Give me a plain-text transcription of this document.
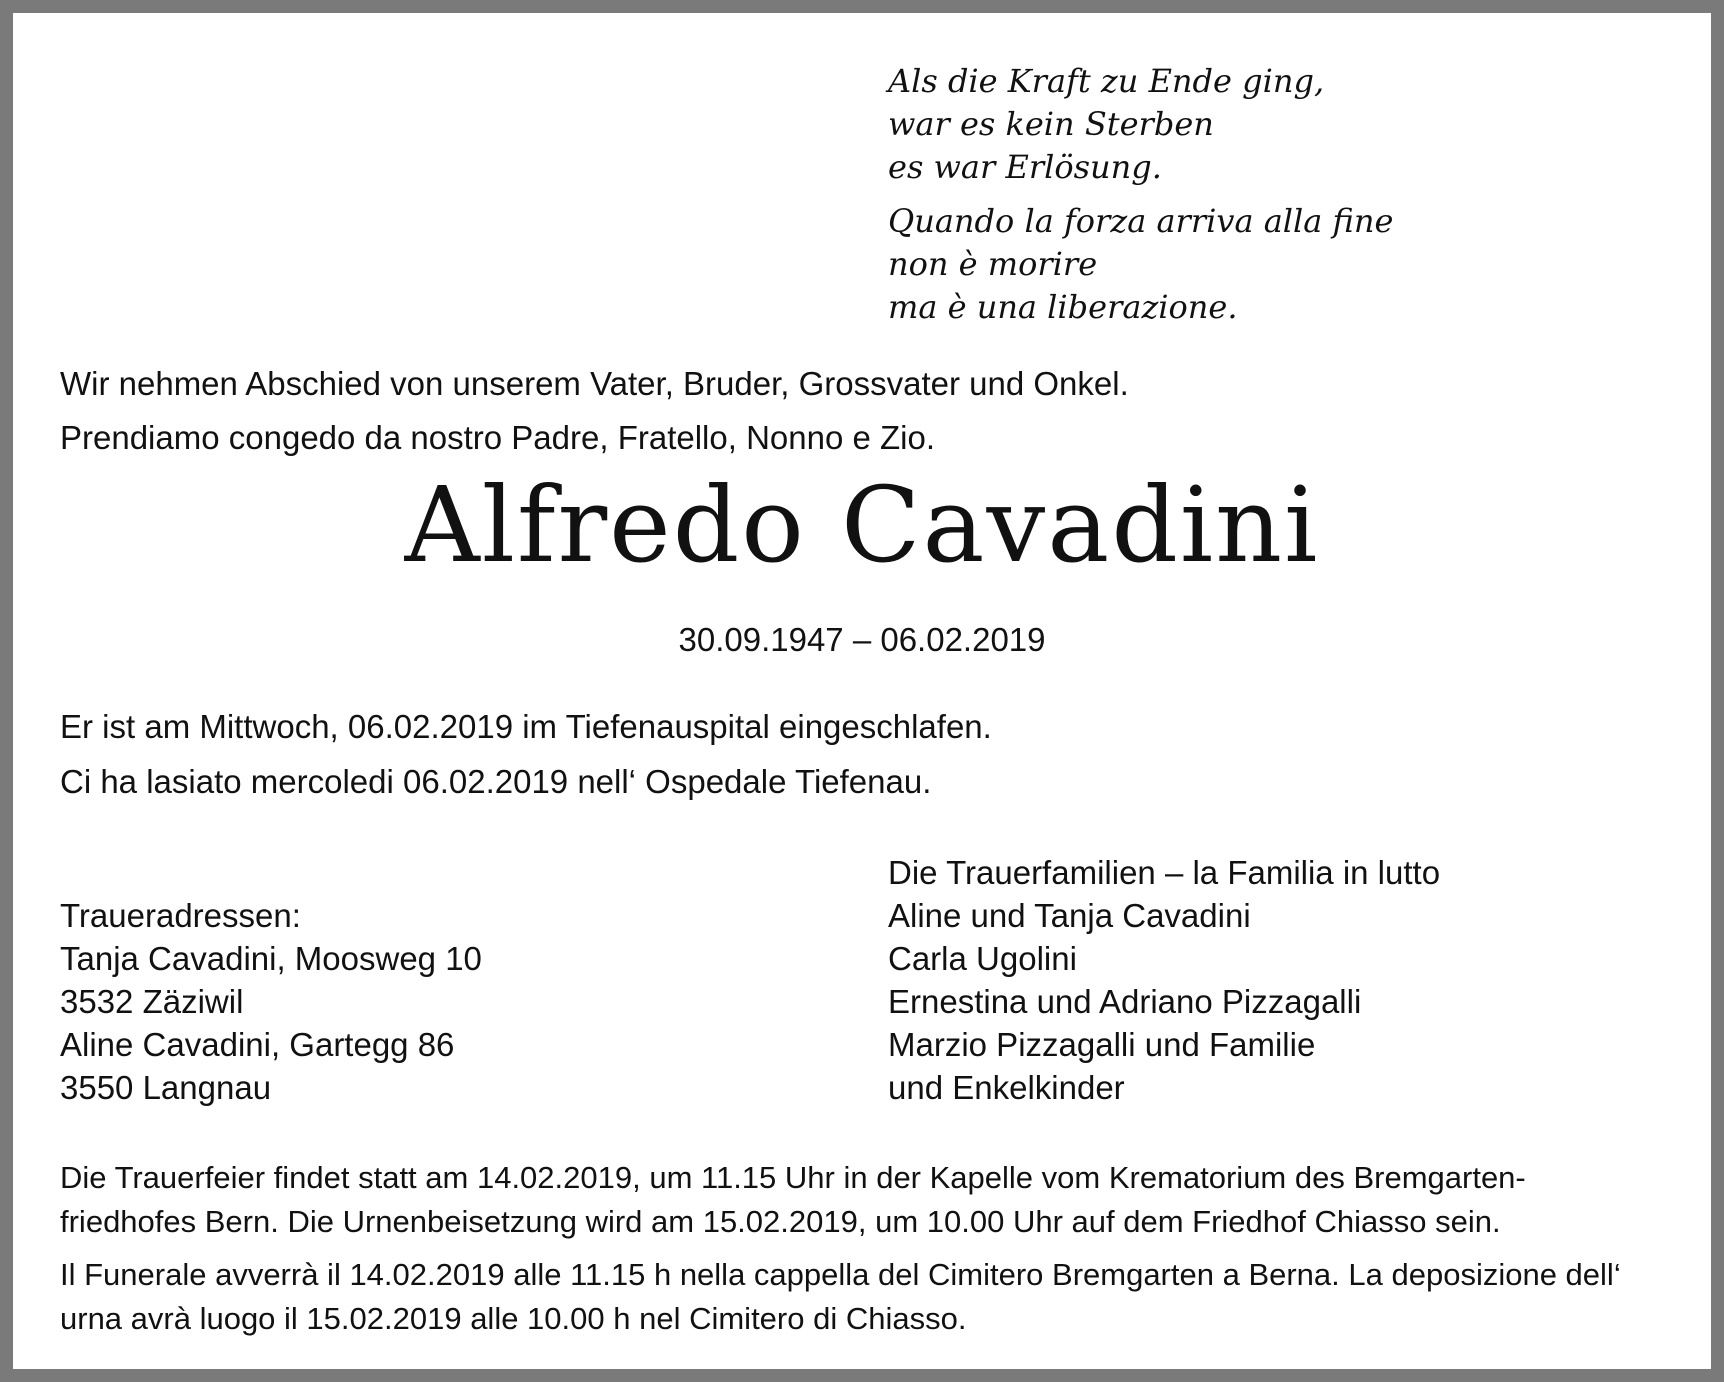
Als die Kraft zu Ende ging,
war es kein Sterben
es war Erlösung.
Quando la forza arriva alla fine
non è morire
ma è una liberazione.
Wir nehmen Abschied von unserem Vater, Bruder, Grossvater und Onkel.
Prendiamo congedo da nostro Padre, Fratello, Nonno e Zio.
Alfredo Cavadini
30.09.1947 – 06.02.2019
Er ist am Mittwoch, 06.02.2019 im Tiefenauspital eingeschlafen.
Ci ha lasiato mercoledi 06.02.2019 nell‘ Ospedale Tiefenau.
Traueradressen:
Tanja Cavadini, Moosweg 10
3532 Zäziwil
Aline Cavadini, Gartegg 86
3550 Langnau
Die Trauerfamilien – la Familia in lutto
Aline und Tanja Cavadini
Carla Ugolini
Ernestina und Adriano Pizzagalli
Marzio Pizzagalli und Familie
und Enkelkinder
Die Trauerfeier findet statt am 14.02.2019, um 11.15 Uhr in der Kapelle vom Krematorium des Bremgarten- friedhofes Bern. Die Urnenbeisetzung wird am 15.02.2019, um 10.00 Uhr auf dem Friedhof Chiasso sein.
Il Funerale avverrà il 14.02.2019 alle 11.15 h nella cappella del Cimitero Bremgarten a Berna. La deposizione dell‘ urna avrà luogo il 15.02.2019 alle 10.00 h nel Cimitero di Chiasso.
